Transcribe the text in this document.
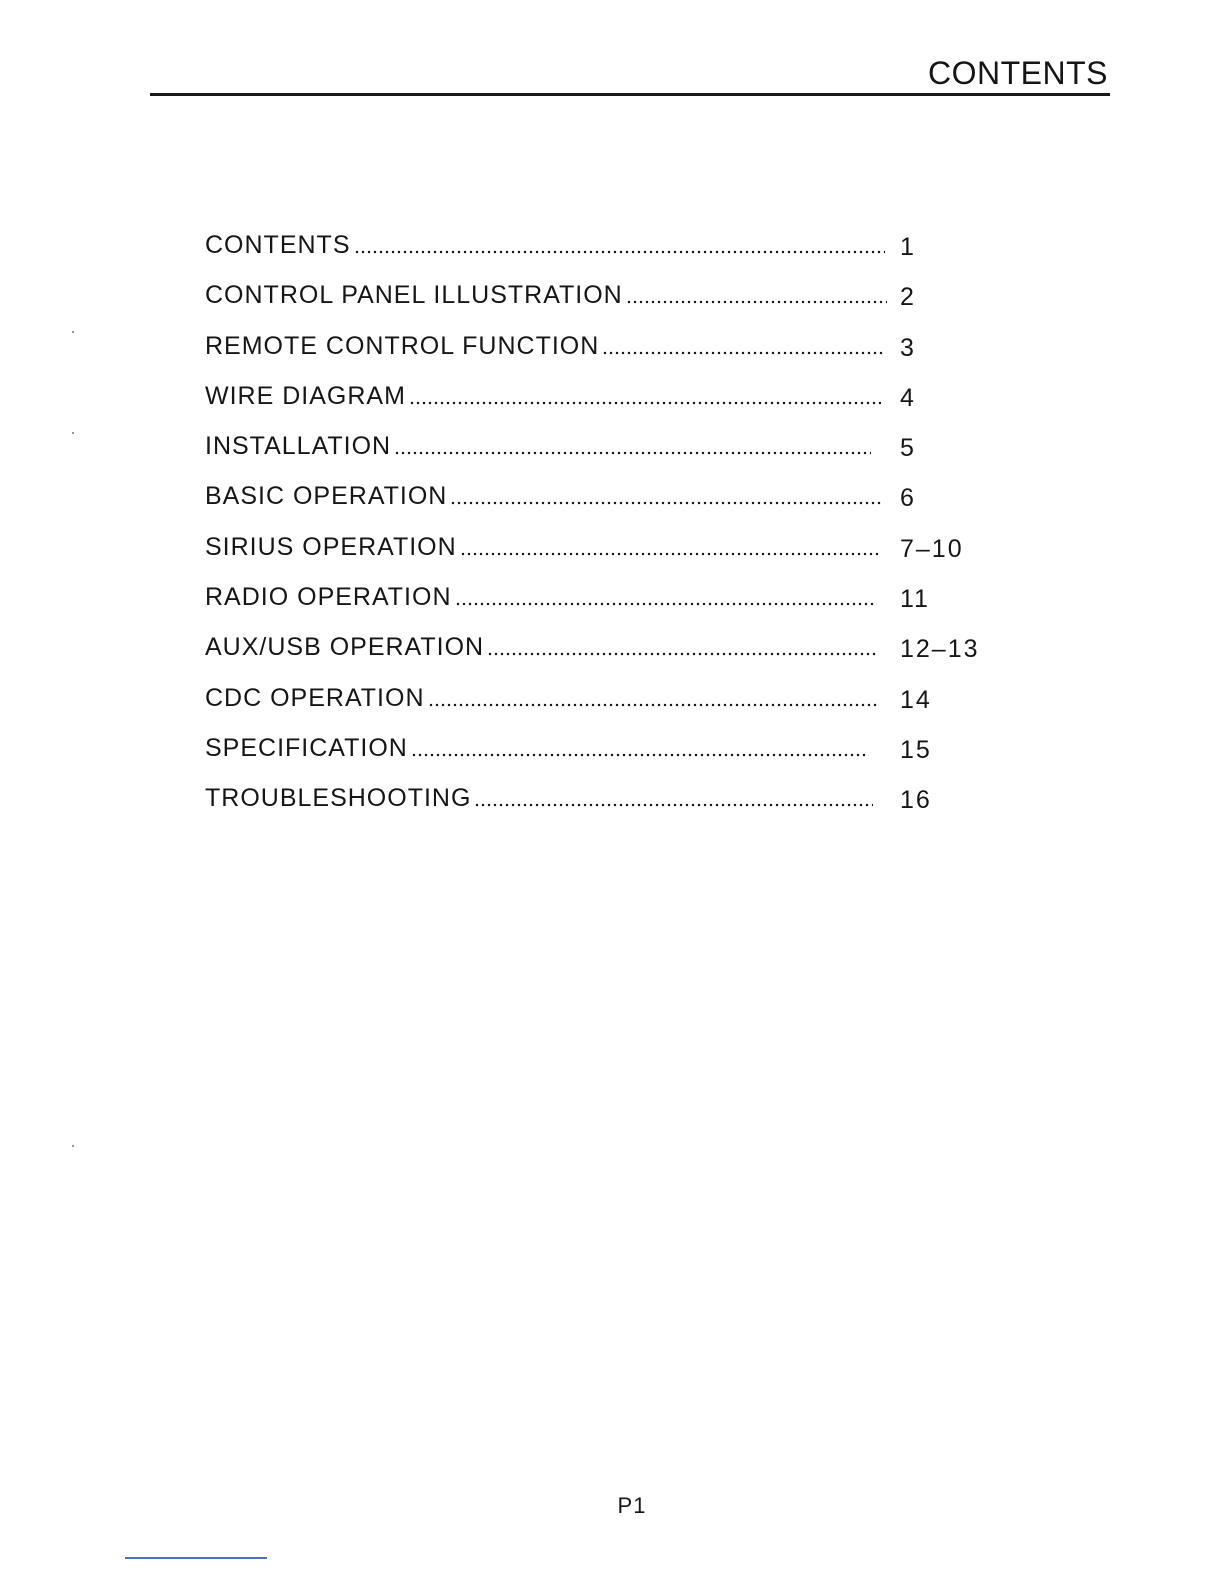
CONTENTS
CONTENTS	1
CONTROL PANEL ILLUSTRATION	2
REMOTE CONTROL FUNCTION	3
WIRE DIAGRAM	4
INSTALLATION	5
BASIC OPERATION	6
SIRIUS OPERATION	7–10
RADIO OPERATION	11
AUX/USB OPERATION	12–13
CDC OPERATION	14
SPECIFICATION	15
TROUBLESHOOTING	16
P1
